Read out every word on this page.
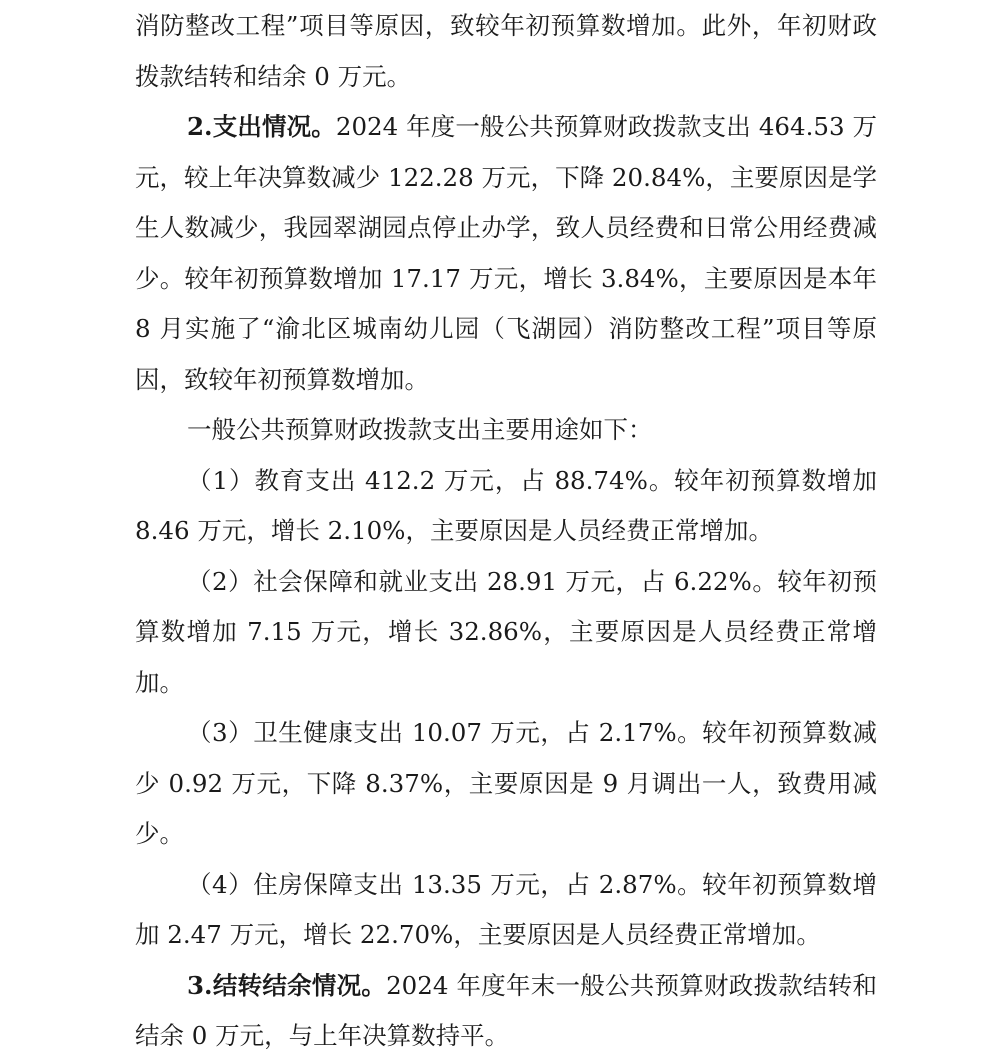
消防整改工程”项目等原因，致较年初预算数增加。此外，年初财政拨款结转和结余 0 万元。

2.支出情况。2024 年度一般公共预算财政拨款支出 464.53 万元，较上年决算数减少 122.28 万元，下降 20.84%，主要原因是学生人数减少，我园翠湖园点停止办学，致人员经费和日常公用经费减少。较年初预算数增加 17.17 万元，增长 3.84%，主要原因是本年 8 月实施了“渝北区城南幼儿园（飞湖园）消防整改工程”项目等原因，致较年初预算数增加。

一般公共预算财政拨款支出主要用途如下：

（1）教育支出 412.2 万元，占 88.74%。较年初预算数增加 8.46 万元，增长 2.10%，主要原因是人员经费正常增加。

（2）社会保障和就业支出 28.91 万元，占 6.22%。较年初预算数增加 7.15 万元，增长 32.86%，主要原因是人员经费正常增加。

（3）卫生健康支出 10.07 万元，占 2.17%。较年初预算数减少 0.92 万元，下降 8.37%，主要原因是 9 月调出一人，致费用减少。

（4）住房保障支出 13.35 万元，占 2.87%。较年初预算数增加 2.47 万元，增长 22.70%，主要原因是人员经费正常增加。

3.结转结余情况。2024 年度年末一般公共预算财政拨款结转和结余 0 万元，与上年决算数持平。
